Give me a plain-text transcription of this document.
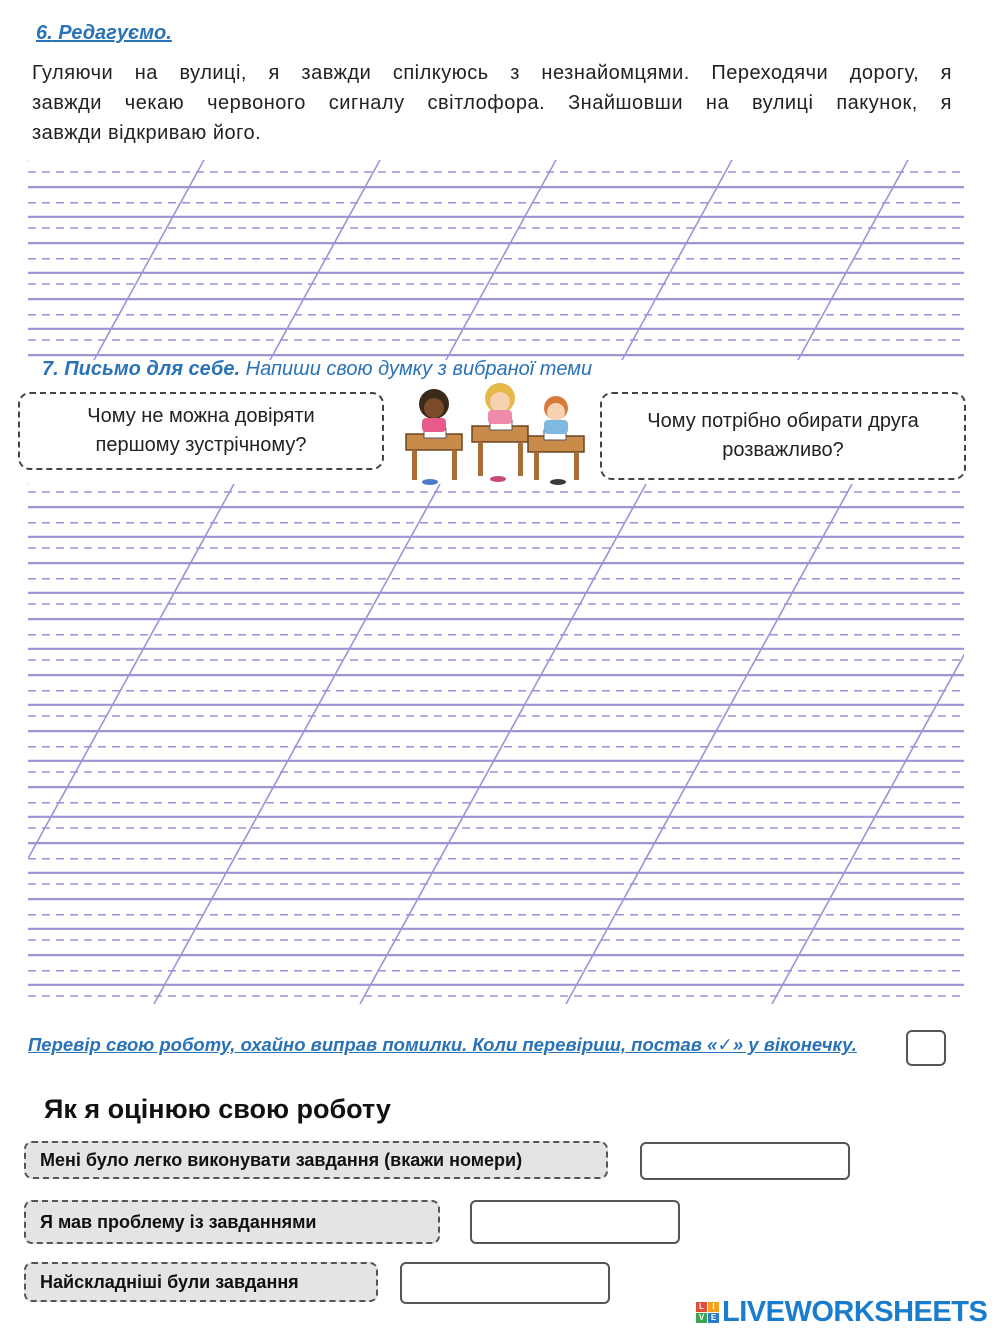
6. Редагуємо.
Гуляючи на вулиці, я завжди спілкуюсь з незнайомцями. Переходячи дорогу, я
завжди чекаю червоного сигналу світлофора. Знайшовши на вулиці пакунок, я
завжди відкриваю його.
7. Письмо для себе. Напиши свою думку з вибраної теми
Чому не можна довіряти
першому зустрічному?
Чому потрібно обирати друга
розважливо?
Перевір свою роботу, охайно виправ помилки. Коли перевіриш, постав «✓» у віконечку.
Як я оцінюю свою роботу
Мені було легко виконувати завдання (вкажи номери)
Я мав проблему із завданнями
Найскладніші були завдання
L	I
V E LIVEWORKSHEETS
